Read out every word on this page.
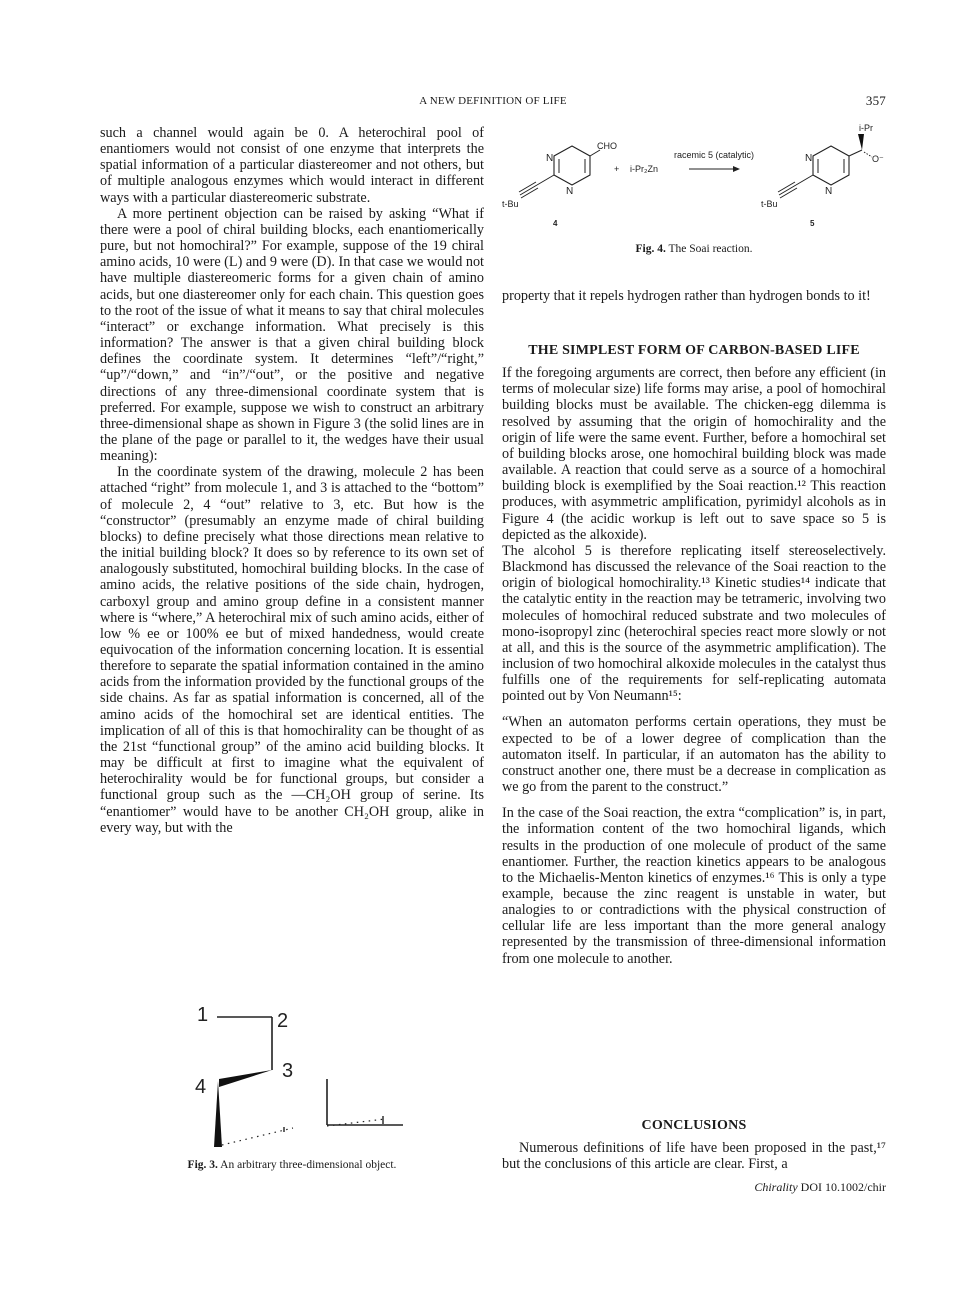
A NEW DEFINITION OF LIFE	357

such a channel would again be 0. A heterochiral pool of enantiomers would not consist of one enzyme that interprets the spatial information of a particular diastereomer and not others, but of multiple analogous enzymes which would interact in different ways with a particular diastereomeric substrate.

A more pertinent objection can be raised by asking “What if there were a pool of chiral building blocks, each enantiomerically pure, but not homochiral?” For example, suppose of the 19 chiral amino acids, 10 were (L) and 9 were (D). In that case we would not have multiple diastereomeric forms for a given chain of amino acids, but one diastereomer only for each chain. This question goes to the root of the issue of what it means to say that chiral molecules “interact” or exchange information. What precisely is this information? The answer is that a given chiral building block defines the coordinate system. It determines “left”/“right,” “up”/“down,” and “in”/“out”, or the positive and negative directions of any three-dimensional coordinate system that is preferred. For example, suppose we wish to construct an arbitrary three-dimensional shape as shown in Figure 3 (the solid lines are in the plane of the page or parallel to it, the wedges have their usual meaning):

In the coordinate system of the drawing, molecule 2 has been attached “right” from molecule 1, and 3 is attached to the “bottom” of molecule 2, 4 “out” relative to 3, etc. But how is the “constructor” (presumably an enzyme made of chiral building blocks) to define precisely what those directions mean relative to the initial building block? It does so by reference to its own set of analogously substituted, homochiral building blocks. In the case of amino acids, the relative positions of the side chain, hydrogen, carboxyl group and amino group define in a consistent manner where is “where,” A heterochiral mix of such amino acids, either of low % ee or 100% ee but of mixed handedness, would create equivocation of the information concerning location. It is essential therefore to separate the spatial information contained in the amino acids from the information provided by the functional groups of the side chains. As far as spatial information is concerned, all of the amino acids of the homochiral set are identical entities. The implication of all of this is that homochirality can be thought of as the 21st “functional group” of the amino acid building blocks. It may be difficult at first to imagine what the equivalent of heterochirality would be for functional groups, but consider a functional group such as the —CH₂OH group of serine. Its “enantiomer” would have to be another CH₂OH group, alike in every way, but with the

1	2
3
4
Fig. 3. An arbitrary three-dimensional object.
N
N
CHO
t-Bu
4
+ i-Pr₂Zn
racemic 5 (catalytic)	N
N
i-Pr
O⁻
t-Bu
5
Fig. 4. The Soai reaction.

property that it repels hydrogen rather than hydrogen bonds to it!

THE SIMPLEST FORM OF CARBON-BASED LIFE

If the foregoing arguments are correct, then before any efficient (in terms of molecular size) life forms may arise, a pool of homochiral building blocks must be available. The chicken-egg dilemma is resolved by assuming that the origin of homochirality and the origin of life were the same event. Further, before a homochiral set of building blocks arose, one homochiral building block was made available. A reaction that could serve as a source of a homochiral building block is exemplified by the Soai reaction.¹² This reaction produces, with asymmetric amplification, pyrimidyl alcohols as in Figure 4 (the acidic workup is left out to save space so 5 is depicted as the alkoxide).

The alcohol 5 is therefore replicating itself stereoselectively. Blackmond has discussed the relevance of the Soai reaction to the origin of biological homochirality.¹³ Kinetic studies¹⁴ indicate that the catalytic entity in the reaction may be tetrameric, involving two molecules of homochiral reduced substrate and two molecules of mono-isopropyl zinc (heterochiral species react more slowly or not at all, and this is the source of the asymmetric amplification). The inclusion of two homochiral alkoxide molecules in the catalyst thus fulfills one of the requirements for self-replicating automata pointed out by Von Neumann¹⁵:

“When an automaton performs certain operations, they must be expected to be of a lower degree of complication than the automaton itself. In particular, if an automaton has the ability to construct another one, there must be a decrease in complication as we go from the parent to the construct.”

In the case of the Soai reaction, the extra “complication” is, in part, the information content of the two homochiral ligands, which results in the production of one molecule of product of the same enantiomer. Further, the reaction kinetics appears to be analogous to the Michaelis-Menton kinetics of enzymes.¹⁶ This is only a type example, because the zinc reagent is unstable in water, but analogies to or contradictions with the physical construction of cellular life are less important than the more general analogy represented by the transmission of three-dimensional information from one molecule to another.

CONCLUSIONS

Numerous definitions of life have been proposed in the past,¹⁷ but the conclusions of this article are clear. First, a

Chirality DOI 10.1002/chir
